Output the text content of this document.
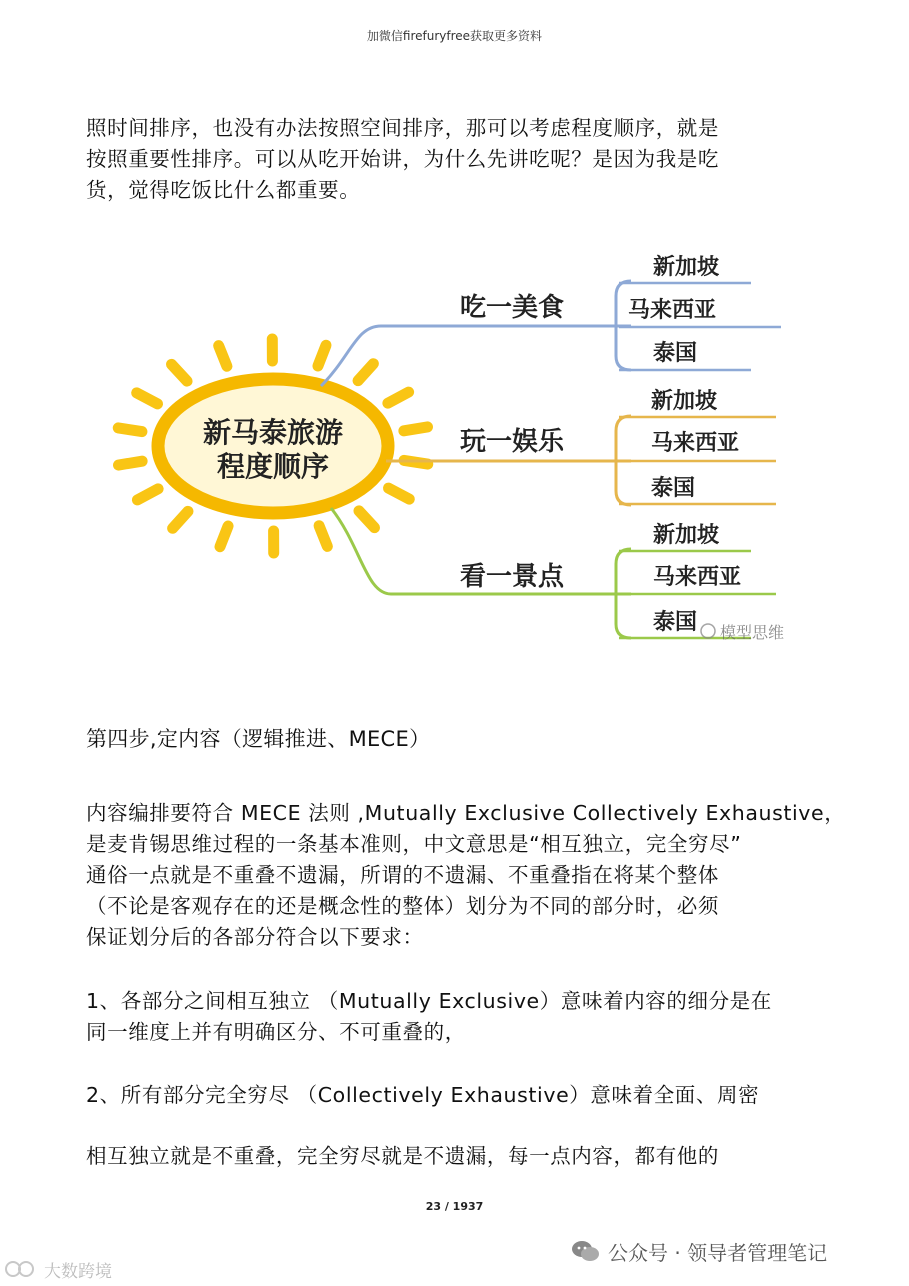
加微信firefuryfree获取更多资料
照时间排序，也没有办法按照空间排序，那可以考虑程度顺序，就是
按照重要性排序。可以从吃开始讲，为什么先讲吃呢？是因为我是吃
货，觉得吃饭比什么都重要。
新马泰旅游
程度顺序
吃一美食
玩一娱乐
看一景点
新加坡
马来西亚
泰国
新加坡
马来西亚
泰国
新加坡
马来西亚
泰国 模型思维
第四步,定内容（逻辑推进、MECE）
内容编排要符合 MECE 法则 ,Mutually Exclusive Collectively Exhaustive，
是麦肯锡思维过程的一条基本准则，中文意思是“相互独立，完全穷尽”
通俗一点就是不重叠不遗漏，所谓的不遗漏、不重叠指在将某个整体
（不论是客观存在的还是概念性的整体）划分为不同的部分时，必须
保证划分后的各部分符合以下要求：
1、各部分之间相互独立 （Mutually Exclusive）意味着内容的细分是在
同一维度上并有明确区分、不可重叠的，
2、所有部分完全穷尽 （Collectively Exhaustive）意味着全面、周密
相互独立就是不重叠，完全穷尽就是不遗漏，每一点内容，都有他的
23 / 1937
公众号 · 领导者管理笔记
大数跨境
